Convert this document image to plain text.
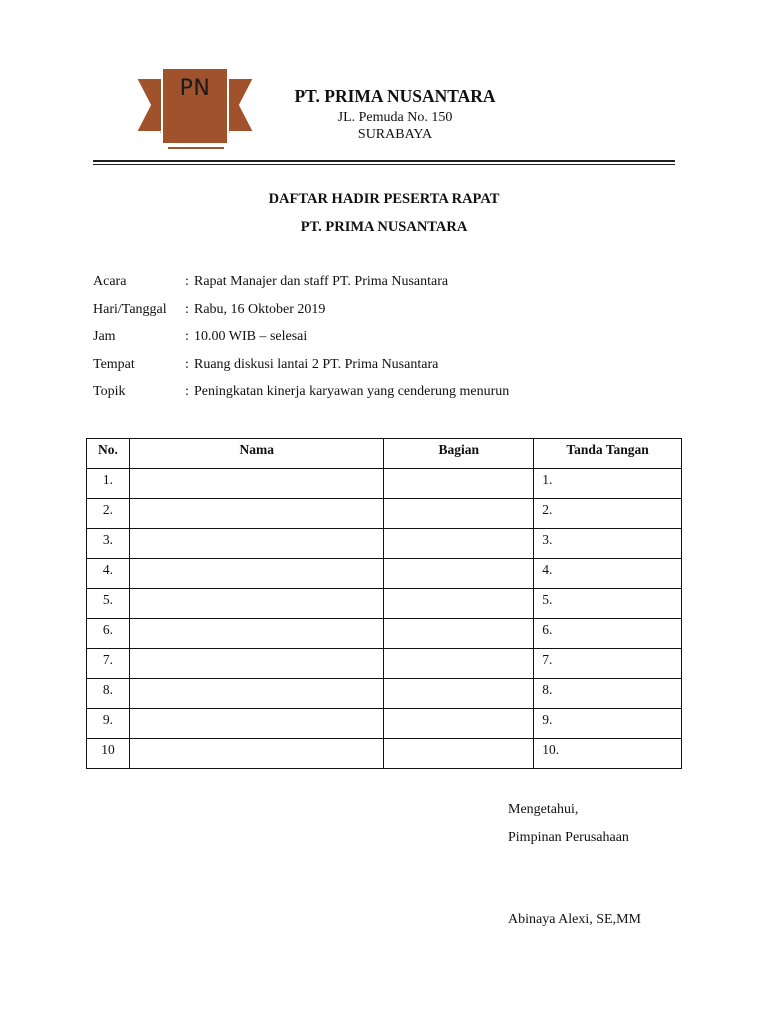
PN	PT. PRIMA NUSANTARA
JL. Pemuda No. 150
SURABAYA
DAFTAR HADIR PESERTA RAPAT
PT. PRIMA NUSANTARA
Acara	: Rapat Manajer dan staff PT. Prima Nusantara
Hari/Tanggal	: Rabu, 16 Oktober 2019
Jam	: 10.00 WIB – selesai
Tempat	: Ruang diskusi lantai 2 PT. Prima Nusantara
Topik	: Peningkatan kinerja karyawan yang cenderung menurun
No.	Nama	Bagian	Tanda Tangan
1.			1.
2.			2.
3.			3.
4.			4.
5.			5.
6.			6.
7.			7.
8.			8.
9.			9.
10			10.
Mengetahui,
Pimpinan Perusahaan
Abinaya Alexi, SE,MM
